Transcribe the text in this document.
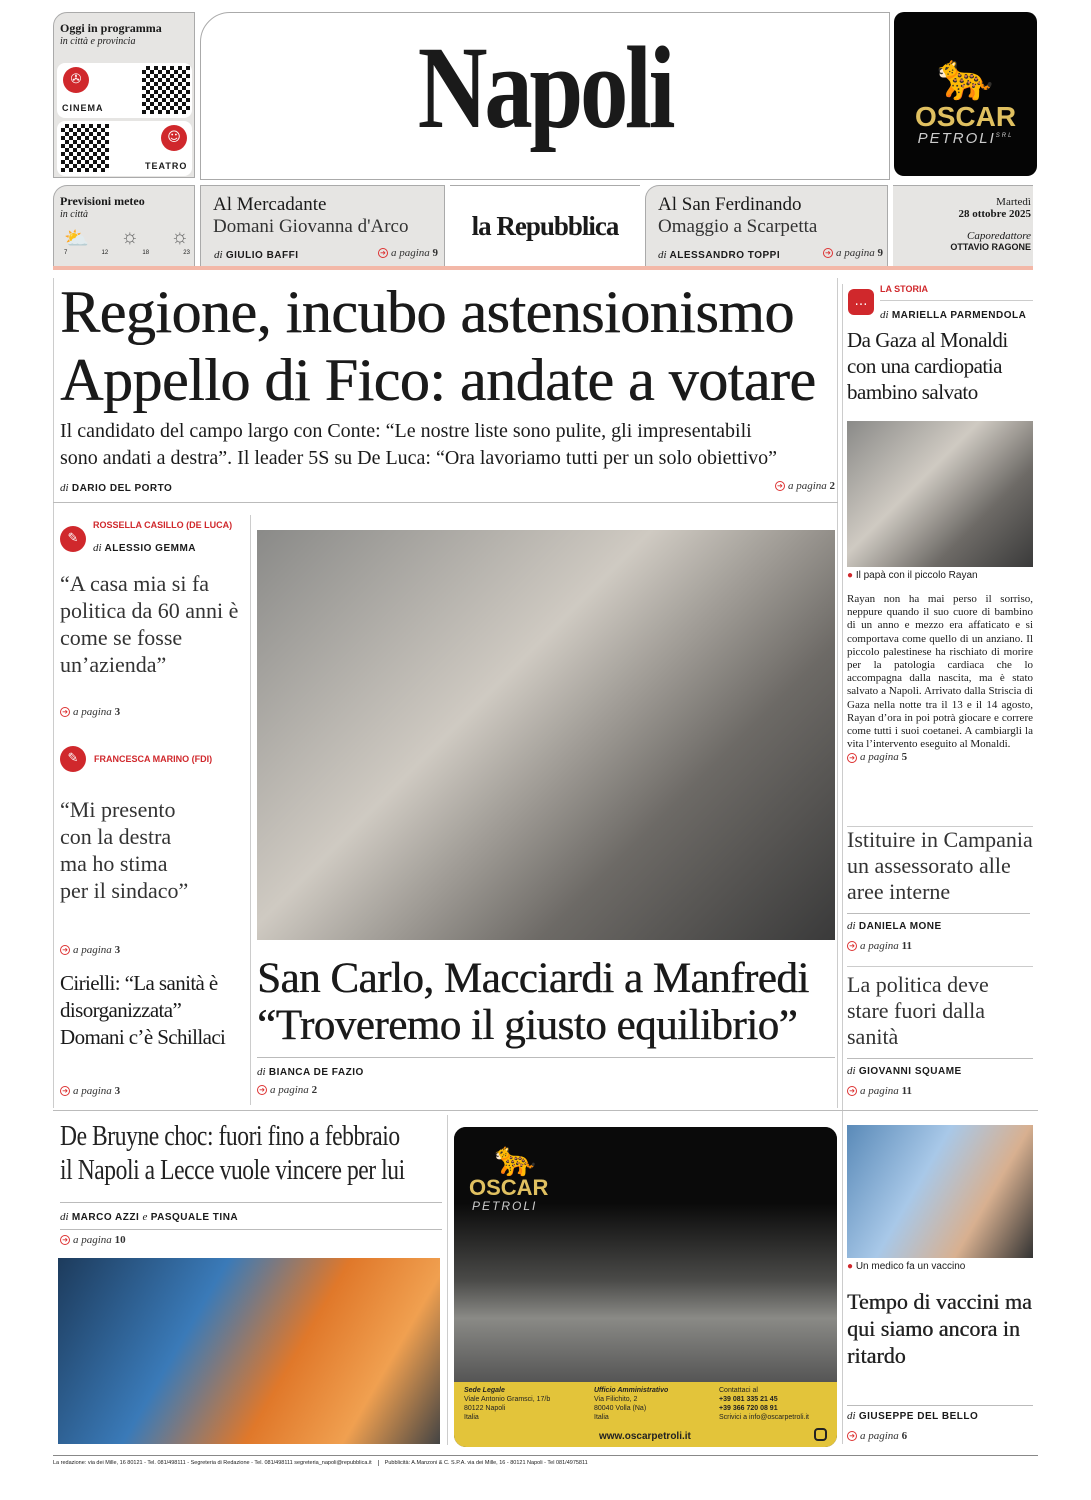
Oggi in programma
in città e provincia
✇
CINEMA
☺
TEATRO
Napoli	🐆
OSCAR
$PETROLI^{SRL}$
Previsioni meteo
in città
⛅ ☼ ☼
7	12	18	23
Al Mercadante
Domani Giovanna d'Arco
di GIULIO BAFFI	➜ a pagina 9
la Repubblica
Al San Ferdinando
Omaggio a Scarpetta
di ALESSANDRO TOPPI	➜ a pagina 9
Martedì
28 ottobre 2025
Caporedattore
OTTAVIO RAGONE
Regione, incubo astensionismo
Appello di Fico: andate a votare
Il candidato del campo largo con Conte: “Le nostre liste sono pulite, gli impresentabili sono andati a destra”. Il leader 5S su De Luca: “Ora lavoriamo tutti per un solo obiettivo”
di DARIO DEL PORTO	➜ a pagina 2
✎
ROSSELLA CASILLO (DE LUCA)
di ALESSIO GEMMA
“A casa mia si fa politica da 60 anni è come se fosse un’azienda”
➜ a pagina 3
✎	FRANCESCA MARINO (FDI)
“Mi presento con la destra ma ho stima per il sindaco”
➜ a pagina 3
Cirielli: “La sanità è disorganizzata” Domani c’è Schillaci
➜ a pagina 3
San Carlo, Macciardi a Manfredi
“Troveremo il giusto equilibrio”
di BIANCA DE FAZIO
➜ a pagina 2
…
LA STORIA
di MARIELLA PARMENDOLA
Da Gaza al Monaldi con una cardiopatia bambino salvato
● Il papà con il piccolo Rayan
Rayan non ha mai perso il sorriso, neppure quando il suo cuore di bambino di un anno e mezzo era affaticato e si comportava come quello di un anziano. Il piccolo palestinese ha rischiato di morire per la patologia cardiaca che lo accompagna dalla nascita, ma è stato salvato a Napoli. Arrivato dalla Striscia di Gaza nella notte tra il 13 e il 14 agosto, Rayan d’ora in poi potrà giocare e correre come tutti i suoi coetanei. A cambiargli la vita l’intervento eseguito al Monaldi.
➜ a pagina 5
Istituire in Campania un assessorato alle aree interne
di DANIELA MONE
➜ a pagina 11
La politica deve stare fuori dalla sanità
di GIOVANNI SQUAME
➜ a pagina 11
De Bruyne choc: fuori fino a febbraio
il Napoli a Lecce vuole vincere per lui
di MARCO AZZI e PASQUALE TINA
➜ a pagina 10
🐆
OSCAR
PETROLI
Sede Legale
Viale Antonio Gramsci, 17/b
80122 Napoli
Italia
Ufficio Amministrativo
Via Filichito, 2
80040 Volla (Na)
Italia
Contattaci al
+39 081 335 21 45
+39 366 720 08 91
Scrivici a info@oscarpetroli.it
www.oscarpetroli.it
● Un medico fa un vaccino
Tempo di vaccini ma qui siamo ancora in ritardo
di GIUSEPPE DEL BELLO
➜ a pagina 6
La redazione: via dei Mille, 16 80121 - Tel. 081/498111 - Segreteria di Redazione - Tel. 081/498111 segreteria_napoli@repubblica.it	Pubblicità: A.Manzoni & C. S.P.A. via dei Mille, 16 - 80121 Napoli - Tel 081/4975811
